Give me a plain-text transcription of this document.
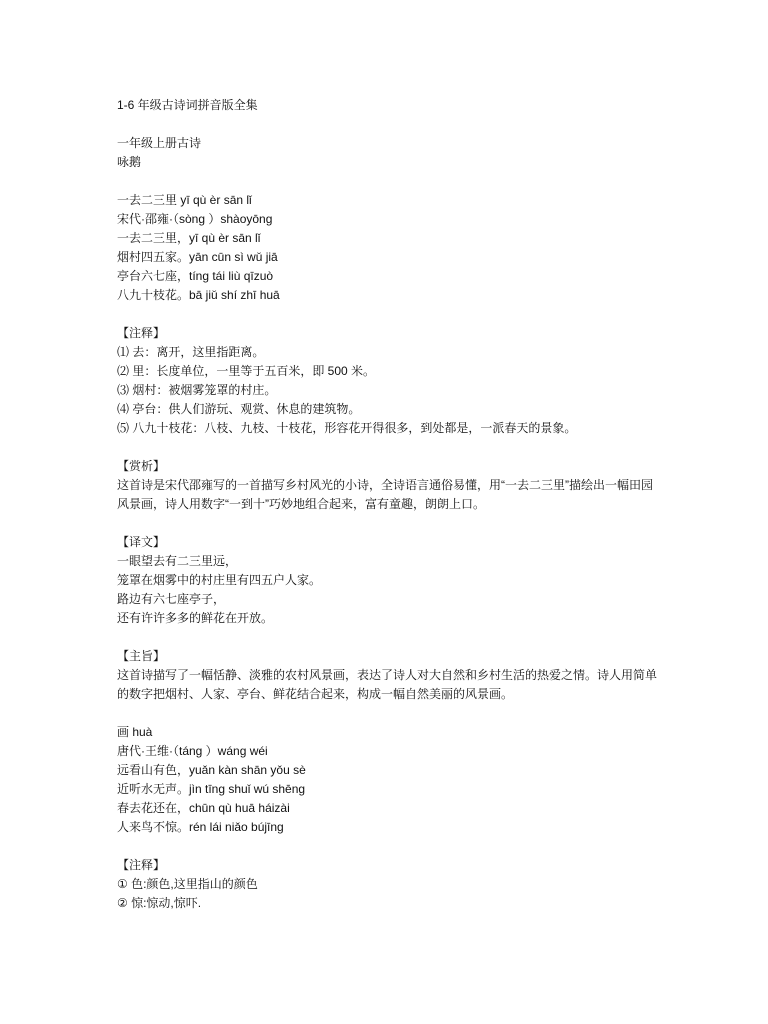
1-6 年级古诗词拼音版全集
一年级上册古诗
咏鹅
一去二三里 yī qù èr sān lǐ
宋代·邵雍·（sòng ）shàoyōng
一去二三里，yī qù èr sān lǐ
烟村四五家。yān cūn sì wǔ jiā
亭台六七座，tíng tái liù qīzuò
八九十枝花。bā jiǔ shí zhī huā
【注释】
⑴ 去：离开，这里指距离。
⑵ 里：长度单位，一里等于五百米，即 500 米。
⑶ 烟村：被烟雾笼罩的村庄。
⑷ 亭台：供人们游玩、观赏、休息的建筑物。
⑸ 八九十枝花：八枝、九枝、十枝花，形容花开得很多，到处都是，一派春天的景象。
【赏析】
这首诗是宋代邵雍写的一首描写乡村风光的小诗，全诗语言通俗易懂，用“一去二三里”描绘出一幅田园风景画，诗人用数字“一到十”巧妙地组合起来，富有童趣，朗朗上口。
【译文】
一眼望去有二三里远，
笼罩在烟雾中的村庄里有四五户人家。
路边有六七座亭子，
还有许许多多的鲜花在开放。
【主旨】
这首诗描写了一幅恬静、淡雅的农村风景画，表达了诗人对大自然和乡村生活的热爱之情。诗人用简单的数字把烟村、人家、亭台、鲜花结合起来，构成一幅自然美丽的风景画。
画 huà
唐代·王维·（táng ）wáng wéi
远看山有色，yuǎn kàn shān yǒu sè
近听水无声。jìn tīng shuǐ wú shēng
春去花还在，chūn qù huā háizài
人来鸟不惊。rén lái niǎo bújīng
【注释】
① 色:颜色,这里指山的颜色
② 惊:惊动,惊吓.
